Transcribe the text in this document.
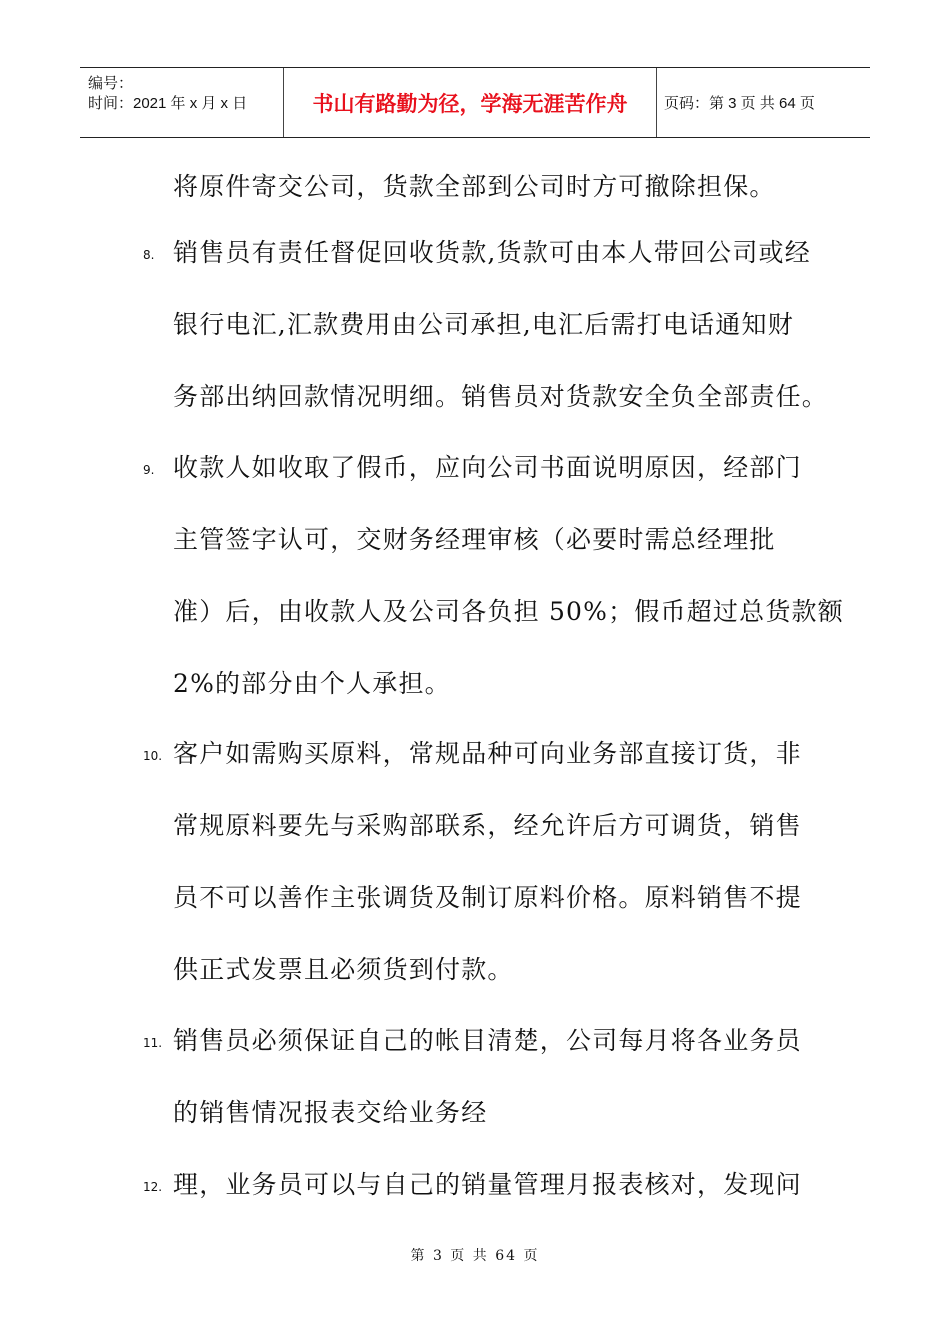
编号：
时间：2021 年 x 月 x 日	书山有路勤为径，学海无涯苦作舟	页码：第 3 页 共 64 页
8.
9.
10.
11.
12.
将原件寄交公司，货款全部到公司时方可撤除担保。
销售员有责任督促回收货款,货款可由本人带回公司或经
银行电汇,汇款费用由公司承担,电汇后需打电话通知财
务部出纳回款情况明细。销售员对货款安全负全部责任。
收款人如收取了假币，应向公司书面说明原因，经部门
主管签字认可，交财务经理审核（必要时需总经理批
准）后，由收款人及公司各负担 50%；假币超过总货款额
2%的部分由个人承担。
客户如需购买原料，常规品种可向业务部直接订货，非
常规原料要先与采购部联系，经允许后方可调货，销售
员不可以善作主张调货及制订原料价格。原料销售不提
供正式发票且必须货到付款。
销售员必须保证自己的帐目清楚，公司每月将各业务员
的销售情况报表交给业务经
理，业务员可以与自己的销量管理月报表核对，发现问
第 3 页 共 64 页
